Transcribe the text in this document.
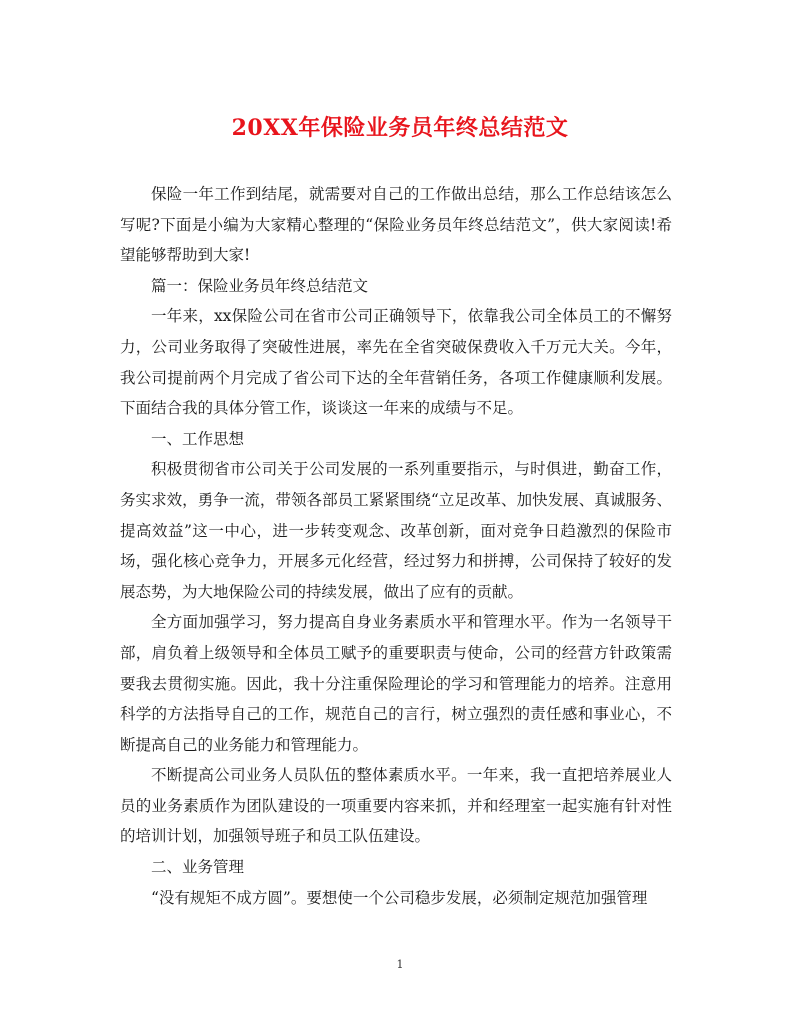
20XX年保险业务员年终总结范文

保险一年工作到结尾，就需要对自己的工作做出总结，那么工作总结该怎么写呢?下面是小编为大家精心整理的“保险业务员年终总结范文”，供大家阅读!希望能够帮助到大家!

篇一：保险业务员年终总结范文

一年来，xx保险公司在省市公司正确领导下，依靠我公司全体员工的不懈努力，公司业务取得了突破性进展，率先在全省突破保费收入千万元大关。今年，我公司提前两个月完成了省公司下达的全年营销任务，各项工作健康顺利发展。下面结合我的具体分管工作，谈谈这一年来的成绩与不足。

一、工作思想

积极贯彻省市公司关于公司发展的一系列重要指示，与时俱进，勤奋工作，务实求效，勇争一流，带领各部员工紧紧围绕“立足改革、加快发展、真诚服务、提高效益”这一中心，进一步转变观念、改革创新，面对竞争日趋激烈的保险市场，强化核心竞争力，开展多元化经营，经过努力和拼搏，公司保持了较好的发展态势，为大地保险公司的持续发展，做出了应有的贡献。

全方面加强学习，努力提高自身业务素质水平和管理水平。作为一名领导干部，肩负着上级领导和全体员工赋予的重要职责与使命，公司的经营方针政策需要我去贯彻实施。因此，我十分注重保险理论的学习和管理能力的培养。注意用科学的方法指导自己的工作，规范自己的言行，树立强烈的责任感和事业心，不断提高自己的业务能力和管理能力。

不断提高公司业务人员队伍的整体素质水平。一年来，我一直把培养展业人员的业务素质作为团队建设的一项重要内容来抓，并和经理室一起实施有针对性的培训计划，加强领导班子和员工队伍建设。

二、业务管理

“没有规矩不成方圆”。要想使一个公司稳步发展，必须制定规范加强管理

1
